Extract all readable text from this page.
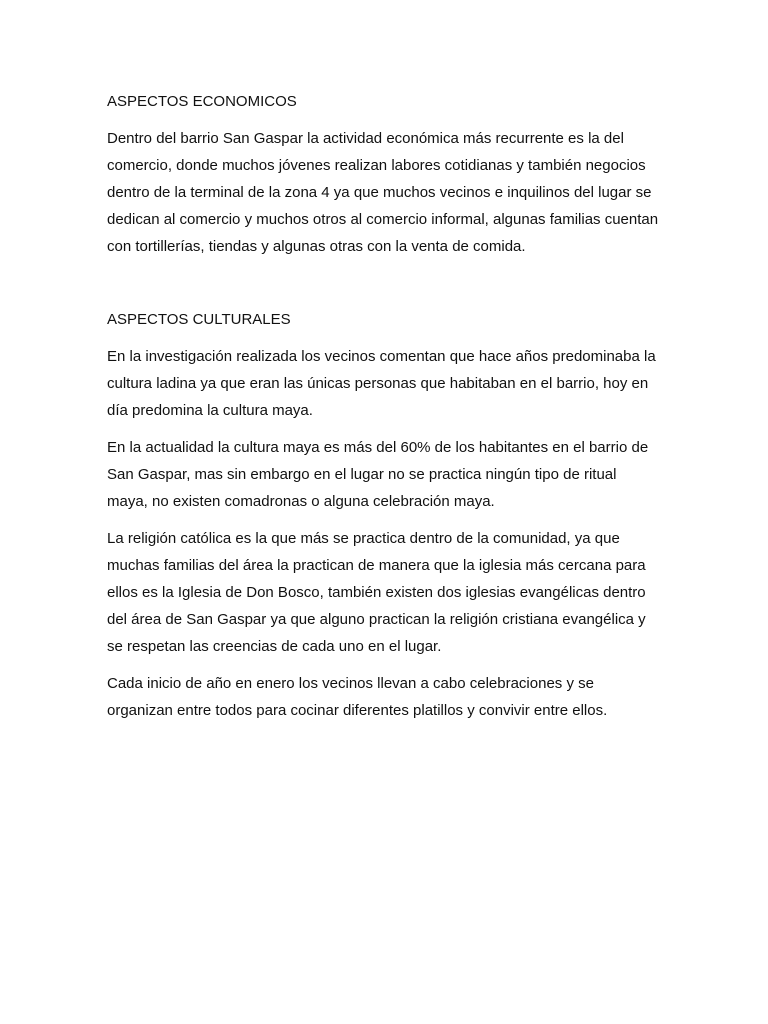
ASPECTOS ECONOMICOS

Dentro del barrio San Gaspar la actividad económica más recurrente es la del
comercio, donde muchos jóvenes realizan labores cotidianas y también negocios
dentro de la terminal de la zona 4 ya que muchos vecinos e inquilinos del lugar se
dedican al comercio y muchos otros al comercio informal, algunas familias cuentan
con tortillerías, tiendas y algunas otras con la venta de comida.

ASPECTOS CULTURALES

En la investigación realizada los vecinos comentan que hace años predominaba la
cultura ladina ya que eran las únicas personas que habitaban en el barrio, hoy en
día predomina la cultura maya.

En la actualidad la cultura maya es más del 60% de los habitantes en el barrio de
San Gaspar, mas sin embargo en el lugar no se practica ningún tipo de ritual
maya, no existen comadronas o alguna celebración maya.

La religión católica es la que más se practica dentro de la comunidad, ya que
muchas familias del área la practican de manera que la iglesia más cercana para
ellos es la Iglesia de Don Bosco, también existen dos iglesias evangélicas dentro
del área de San Gaspar ya que alguno practican la religión cristiana evangélica y
se respetan las creencias de cada uno en el lugar.

Cada inicio de año en enero los vecinos llevan a cabo celebraciones y se
organizan entre todos para cocinar diferentes platillos y convivir entre ellos.
